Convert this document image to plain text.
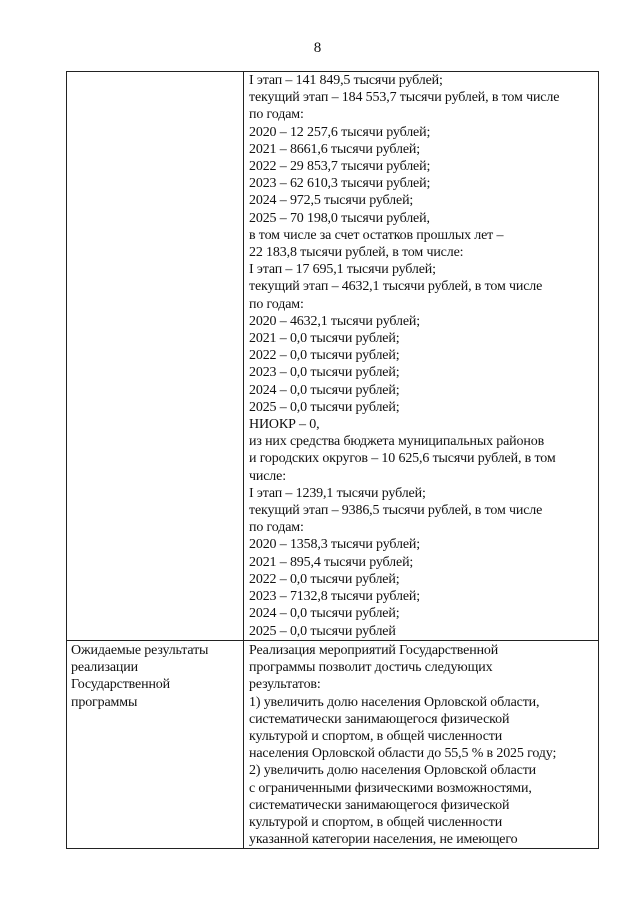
8
I этап – 141 849,5 тысячи рублей;
текущий этап – 184 553,7 тысячи рублей, в том числе
по годам:
2020 – 12 257,6 тысячи рублей;
2021 – 8661,6 тысячи рублей;
2022 – 29 853,7 тысячи рублей;
2023 – 62 610,3 тысячи рублей;
2024 – 972,5 тысячи рублей;
2025 – 70 198,0 тысячи рублей,
в том числе за счет остатков прошлых лет –
22 183,8 тысячи рублей, в том числе:
I этап – 17 695,1 тысячи рублей;
текущий этап – 4632,1 тысячи рублей, в том числе
по годам:
2020 – 4632,1 тысячи рублей;
2021 – 0,0 тысячи рублей;
2022 – 0,0 тысячи рублей;
2023 – 0,0 тысячи рублей;
2024 – 0,0 тысячи рублей;
2025 – 0,0 тысячи рублей;
НИОКР – 0,
из них средства бюджета муниципальных районов
и городских округов – 10 625,6 тысячи рублей, в том
числе:
I этап – 1239,1 тысячи рублей;
текущий этап – 9386,5 тысячи рублей, в том числе
по годам:
2020 – 1358,3 тысячи рублей;
2021 – 895,4 тысячи рублей;
2022 – 0,0 тысячи рублей;
2023 – 7132,8 тысячи рублей;
2024 – 0,0 тысячи рублей;
2025 – 0,0 тысячи рублей
Ожидаемые результаты
реализации
Государственной
программы
Реализация мероприятий Государственной
программы позволит достичь следующих
результатов:
1) увеличить долю населения Орловской области,
систематически занимающегося физической
культурой и спортом, в общей численности
населения Орловской области до 55,5 % в 2025 году;
2) увеличить долю населения Орловской области
с ограниченными физическими возможностями,
систематически занимающегося физической
культурой и спортом, в общей численности
указанной категории населения, не имеющего
